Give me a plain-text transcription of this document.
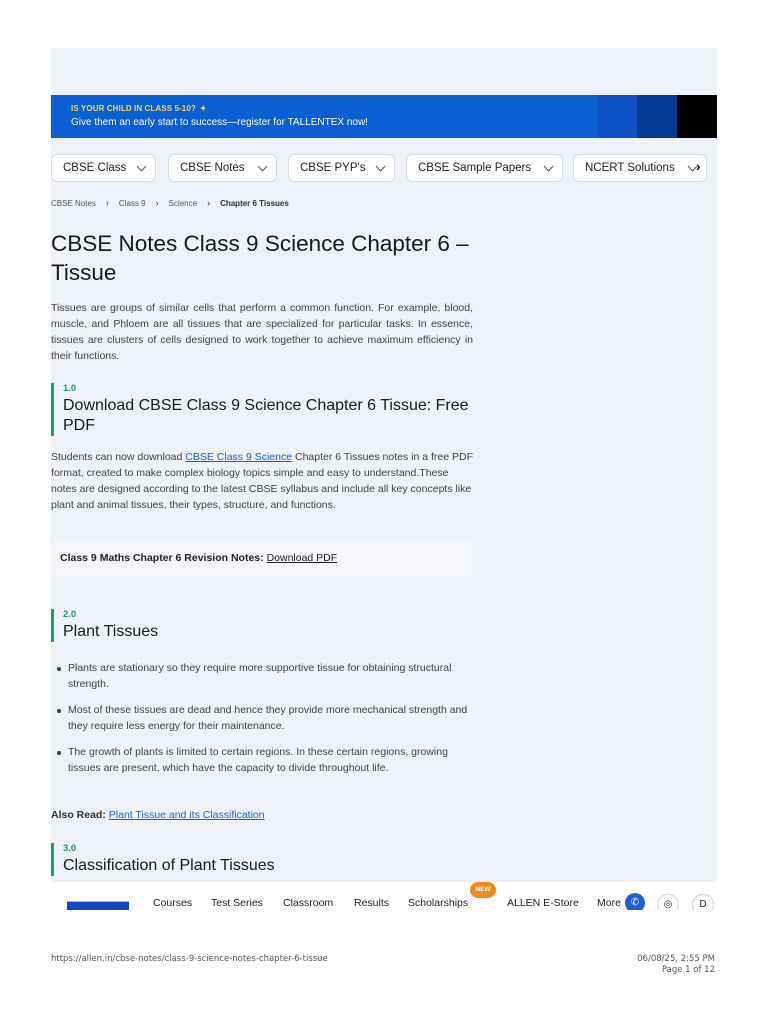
IS YOUR CHILD IN CLASS 5-10? ✦
Give them an early start to success—register for TALLENTEX now!
CBSE Class	CBSE Notes	CBSE PYP's	CBSE Sample Papers	NCERT Solutions ›
CBSE Notes › Class 9 › Science › Chapter 6 Tissues
CBSE Notes Class 9 Science Chapter 6 – Tissue

Tissues are groups of similar cells that perform a common function. For example, blood, muscle, and Phloem are all tissues that are specialized for particular tasks. In essence, tissues are clusters of cells designed to work together to achieve maximum efficiency in their functions.

1.0
Download CBSE Class 9 Science Chapter 6 Tissue: Free PDF

Students can now download CBSE Class 9 Science Chapter 6 Tissues notes in a free PDF format, created to make complex biology topics simple and easy to understand.These notes are designed according to the latest CBSE syllabus and include all key concepts like plant and animal tissues, their types, structure, and functions.

Class 9 Maths Chapter 6 Revision Notes: Download PDF
2.0
Plant Tissues
Plants are stationary so they require more supportive tissue for obtaining structural strength.
Most of these tissues are dead and hence they provide more mechanical strength and they require less energy for their maintenance.
The growth of plants is limited to certain regions. In these certain regions, growing tissues are present, which have the capacity to divide throughout life.
Also Read: Plant Tissue and its Classification
3.0
Classification of Plant Tissues
Courses Test Series Classroom Results Scholarships
NEW
ALLEN E-Store More ✆	◎	D
https://allen.in/cbse-notes/class-9-science-notes-chapter-6-tissue	06/08/25, 2:55 PM
Page 1 of 12
